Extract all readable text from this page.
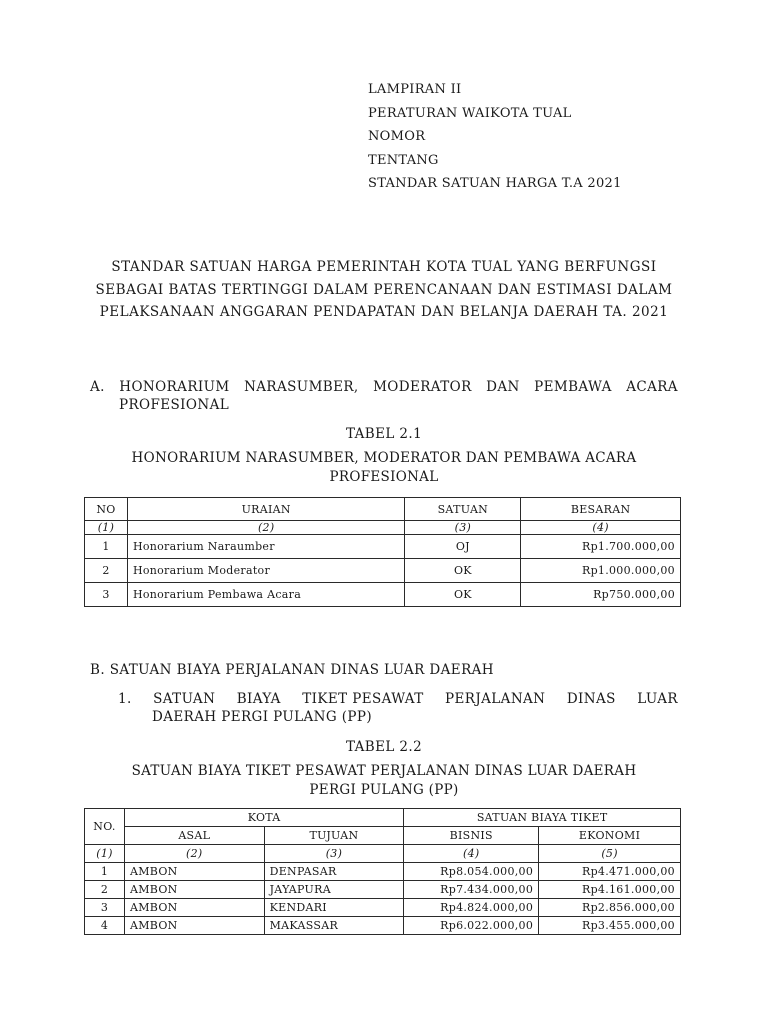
LAMPIRAN II
PERATURAN WAIKOTA TUAL
NOMOR
TENTANG
STANDAR SATUAN HARGA T.A 2021
STANDAR SATUAN HARGA PEMERINTAH KOTA TUAL YANG BERFUNGSI
SEBAGAI BATAS TERTINGGI DALAM PERENCANAAN DAN ESTIMASI DALAM
PELAKSANAAN ANGGARAN PENDAPATAN DAN BELANJA DAERAH TA. 2021
A. HONORARIUM NARASUMBER, MODERATOR DAN PEMBAWA ACARA
PROFESIONAL
TABEL 2.1
HONORARIUM NARASUMBER, MODERATOR DAN PEMBAWA ACARA
PROFESIONAL
NO	URAIAN	SATUAN	BESARAN
(1)	(2)	(3)	(4)
1	Honorarium Naraumber	OJ	Rp1.700.000,00
2	Honorarium Moderator	OK	Rp1.000.000,00
3	Honorarium Pembawa Acara	OK	Rp750.000,00
B. SATUAN BIAYA PERJALANAN DINAS LUAR DAERAH
1. SATUAN BIAYA TIKET PESAWAT PERJALANAN DINAS LUAR
DAERAH PERGI PULANG (PP)
TABEL 2.2
SATUAN BIAYA TIKET PESAWAT PERJALANAN DINAS LUAR DAERAH
PERGI PULANG (PP)
NO.	KOTA		SATUAN BIAYA TIKET	
	ASAL	TUJUAN	BISNIS	EKONOMI
(1)	(2)	(3)	(4)	(5)
1	AMBON	DENPASAR	Rp8.054.000,00	Rp4.471.000,00
2	AMBON	JAYAPURA	Rp7.434.000,00	Rp4.161.000,00
3	AMBON	KENDARI	Rp4.824.000,00	Rp2.856.000,00
4	AMBON	MAKASSAR	Rp6.022.000,00	Rp3.455.000,00
